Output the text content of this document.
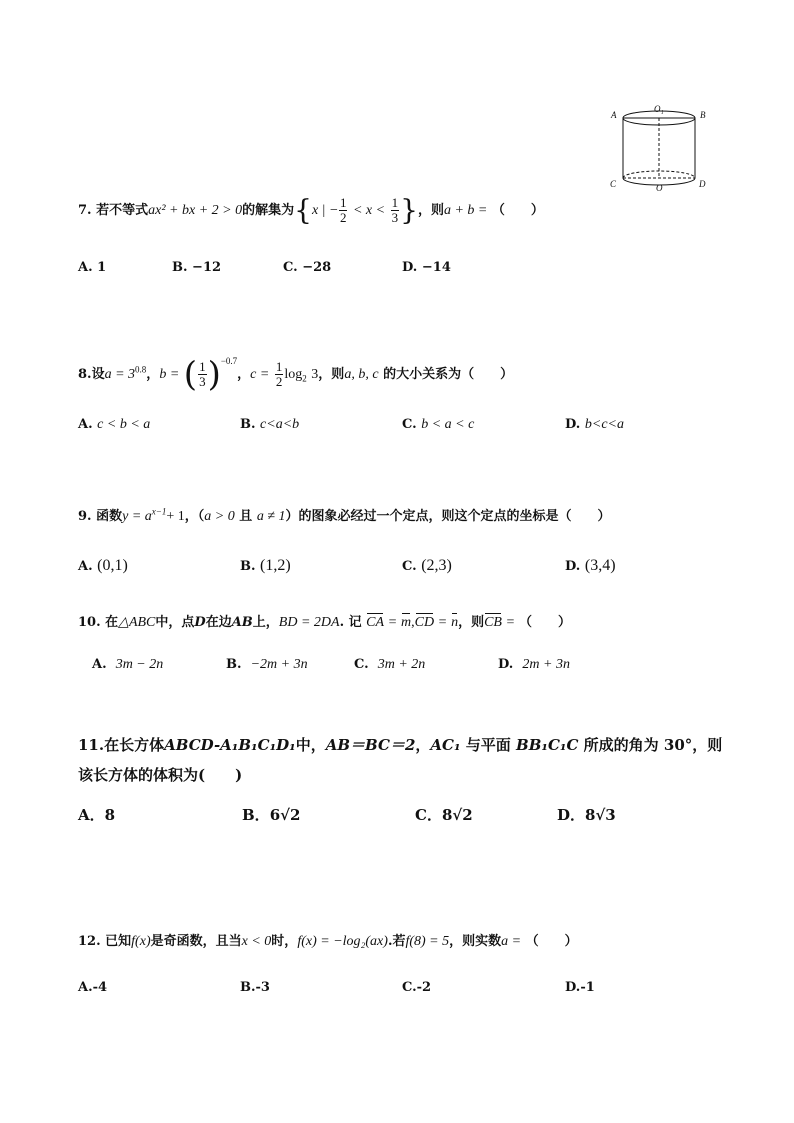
A
O₁
B
C	O	D
7. 若不等式ax² + bx + 2 > 0的解集为{x | − $\frac{1}{2} < x < \frac{1}{3}$ }，则a + b = （　　）
A. 1	B. −12	C. −28	D. −14
8.设$a = 3^{0.8}$，b = ( $\frac{1}{3} )^{-0.7}$，$c = \frac{1}{2} \log_2 3$，则a, b, c 的大小关系为（　　）
A. c < b < a	B. c<a<b	C. b < a < c	D. b<c<a
9. 函数$y = a^{x-1}+ 1$，（a > 0 且 a ≠ 1）的图象必经过一个定点，则这个定点的坐标是（　　）
A. (0,1)	B. (1,2)	C. (2,3)	D. (3,4)
10. 在△ABC中，点D在边AB上，BD = 2DA. 记 CA = m,CD = n，则CB = （　　）
A. 3m − 2n	B. −2m + 3n	C. 3m + 2n	D. 2m + 3n
11.在长方体ABCD-A₁B₁C₁D₁中，AB＝BC＝2，AC₁ 与平面 BB₁C₁C 所成的角为 30°，则该长方体的体积为(　　)
A．8	B．6√2	C．8√2	D．8√3
12. 已知f(x)是奇函数，且当x < 0时，f(x) = −log₂(ax).若f(8) = 5，则实数a = （　　）
A.-4	B.-3	C.-2	D.-1
